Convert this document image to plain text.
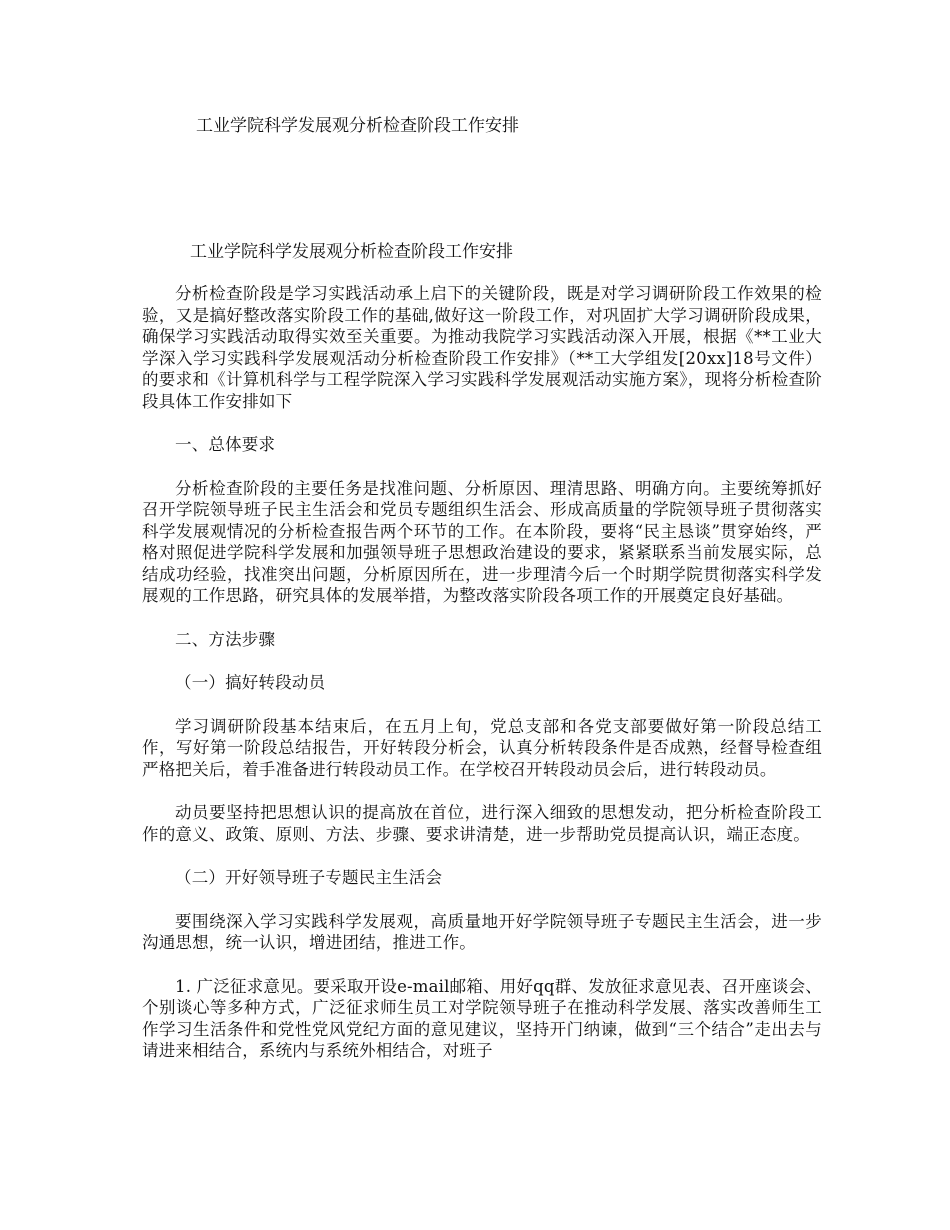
工业学院科学发展观分析检查阶段工作安排
工业学院科学发展观分析检查阶段工作安排

分析检查阶段是学习实践活动承上启下的关键阶段，既是对学习调研阶段工作效果的检验，又是搞好整改落实阶段工作的基础,做好这一阶段工作，对巩固扩大学习调研阶段成果，确保学习实践活动取得实效至关重要。为推动我院学习实践活动深入开展，根据《**工业大学深入学习实践科学发展观活动分析检查阶段工作安排》（**工大学组发[20xx]18号文件）的要求和《计算机科学与工程学院深入学习实践科学发展观活动实施方案》，现将分析检查阶段具体工作安排如下

一、总体要求

分析检查阶段的主要任务是找准问题、分析原因、理清思路、明确方向。主要统筹抓好召开学院领导班子民主生活会和党员专题组织生活会、形成高质量的学院领导班子贯彻落实科学发展观情况的分析检查报告两个环节的工作。在本阶段，要将“民主恳谈”贯穿始终，严格对照促进学院科学发展和加强领导班子思想政治建设的要求，紧紧联系当前发展实际，总结成功经验，找准突出问题，分析原因所在，进一步理清今后一个时期学院贯彻落实科学发展观的工作思路，研究具体的发展举措，为整改落实阶段各项工作的开展奠定良好基础。

二、方法步骤

（一）搞好转段动员

学习调研阶段基本结束后，在五月上旬，党总支部和各党支部要做好第一阶段总结工作，写好第一阶段总结报告，开好转段分析会，认真分析转段条件是否成熟，经督导检查组严格把关后，着手准备进行转段动员工作。在学校召开转段动员会后，进行转段动员。

动员要坚持把思想认识的提高放在首位，进行深入细致的思想发动，把分析检查阶段工作的意义、政策、原则、方法、步骤、要求讲清楚，进一步帮助党员提高认识，端正态度。

（二）开好领导班子专题民主生活会

要围绕深入学习实践科学发展观，高质量地开好学院领导班子专题民主生活会，进一步沟通思想，统一认识，增进团结，推进工作。

1. 广泛征求意见。要采取开设e-mail邮箱、用好qq群、发放征求意见表、召开座谈会、个别谈心等多种方式，广泛征求师生员工对学院领导班子在推动科学发展、落实改善师生工作学习生活条件和党性党风党纪方面的意见建议，坚持开门纳谏，做到“三个结合”走出去与请进来相结合，系统内与系统外相结合，对班子
